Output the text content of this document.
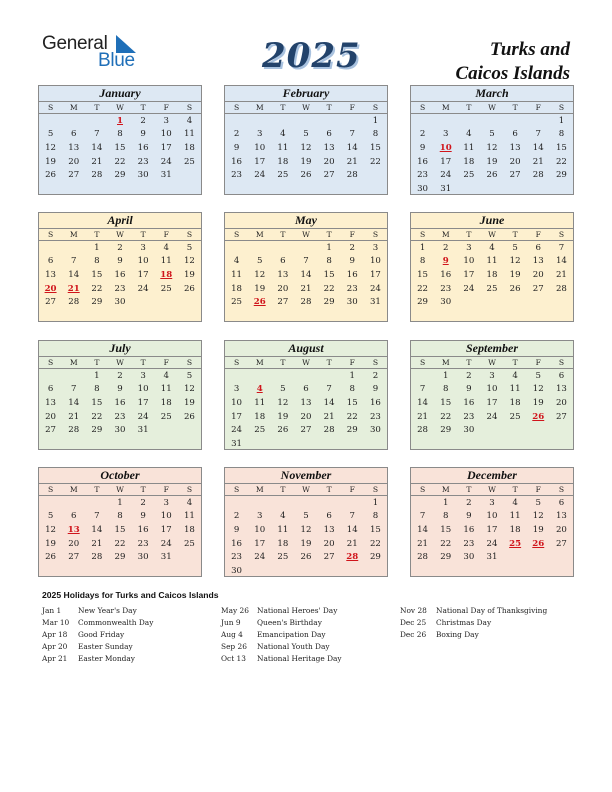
General
Blue	2025	Turks and
Caicos Islands
January
S	M	T	W	T	F	S
			1	2	3	4
5	6	7	8	9	10	11
12	13	14	15	16	17	18
19	20	21	22	23	24	25
26	27	28	29	30	31	
February
S	M	T	W	T	F	S
						1
2	3	4	5	6	7	8
9	10	11	12	13	14	15
16	17	18	19	20	21	22
23	24	25	26	27	28	
March
S	M	T	W	T	F	S
						1
2	3	4	5	6	7	8
9	10	11	12	13	14	15
16	17	18	19	20	21	22
23	24	25	26	27	28	29
30	31					
April
S	M	T	W	T	F	S
		1	2	3	4	5
6	7	8	9	10	11	12
13	14	15	16	17	18	19
20	21	22	23	24	25	26
27	28	29	30			
May
S	M	T	W	T	F	S
				1	2	3
4	5	6	7	8	9	10
11	12	13	14	15	16	17
18	19	20	21	22	23	24
25	26	27	28	29	30	31
June
S	M	T	W	T	F	S
1	2	3	4	5	6	7
8	9	10	11	12	13	14
15	16	17	18	19	20	21
22	23	24	25	26	27	28
29	30					
July
S	M	T	W	T	F	S
		1	2	3	4	5
6	7	8	9	10	11	12
13	14	15	16	17	18	19
20	21	22	23	24	25	26
27	28	29	30	31		
August
S	M	T	W	T	F	S
					1	2
3	4	5	6	7	8	9
10	11	12	13	14	15	16
17	18	19	20	21	22	23
24	25	26	27	28	29	30
31						
September
S	M	T	W	T	F	S
	1	2	3	4	5	6
7	8	9	10	11	12	13
14	15	16	17	18	19	20
21	22	23	24	25	26	27
28	29	30				
October
S	M	T	W	T	F	S
			1	2	3	4
5	6	7	8	9	10	11
12	13	14	15	16	17	18
19	20	21	22	23	24	25
26	27	28	29	30	31	
November
S	M	T	W	T	F	S
						1
2	3	4	5	6	7	8
9	10	11	12	13	14	15
16	17	18	19	20	21	22
23	24	25	26	27	28	29
30						
December
S	M	T	W	T	F	S
	1	2	3	4	5	6
7	8	9	10	11	12	13
14	15	16	17	18	19	20
21	22	23	24	25	26	27
28	29	30	31			
2025 Holidays for Turks and Caicos Islands
Jan 1 New Year's Day
Mar 10 Commonwealth Day
Apr 18 Good Friday
Apr 20 Easter Sunday
Apr 21 Easter Monday
May 26 National Heroes' Day
Jun 9 Queen's Birthday
Aug 4 Emancipation Day
Sep 26 National Youth Day
Oct 13 National Heritage Day
Nov 28 National Day of Thanksgiving
Dec 25 Christmas Day
Dec 26 Boxing Day
